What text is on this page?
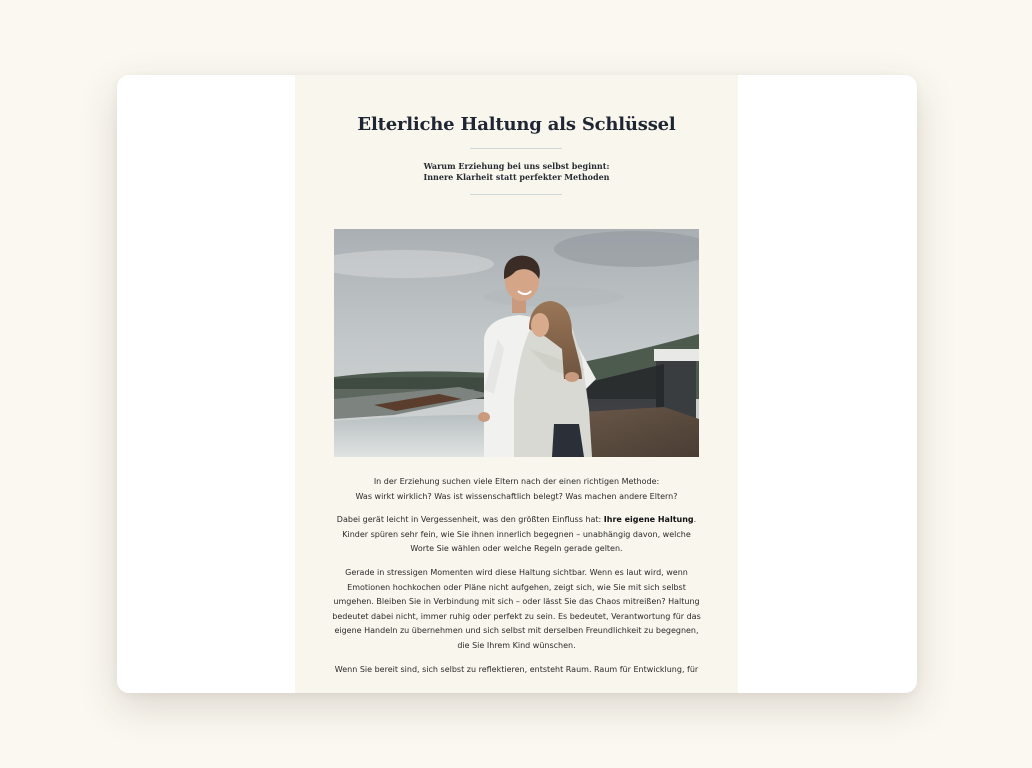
Elterliche Haltung als Schlüssel
Warum Erziehung bei uns selbst beginnt:
Innere Klarheit statt perfekter Methoden

In der Erziehung suchen viele Eltern nach der einen richtigen Methode:
Was wirkt wirklich? Was ist wissenschaftlich belegt? Was machen andere Eltern?

Dabei gerät leicht in Vergessenheit, was den größten Einfluss hat: Ihre eigene Haltung. Kinder spüren sehr fein, wie Sie ihnen innerlich begegnen – unabhängig davon, welche Worte Sie wählen oder welche Regeln gerade gelten.

Gerade in stressigen Momenten wird diese Haltung sichtbar. Wenn es laut wird, wenn Emotionen hochkochen oder Pläne nicht aufgehen, zeigt sich, wie Sie mit sich selbst umgehen. Bleiben Sie in Verbindung mit sich – oder lässt Sie das Chaos mitreißen? Haltung bedeutet dabei nicht, immer ruhig oder perfekt zu sein. Es bedeutet, Verantwortung für das eigene Handeln zu übernehmen und sich selbst mit derselben Freundlichkeit zu begegnen, die Sie Ihrem Kind wünschen.

Wenn Sie bereit sind, sich selbst zu reflektieren, entsteht Raum. Raum für Entwicklung, für
